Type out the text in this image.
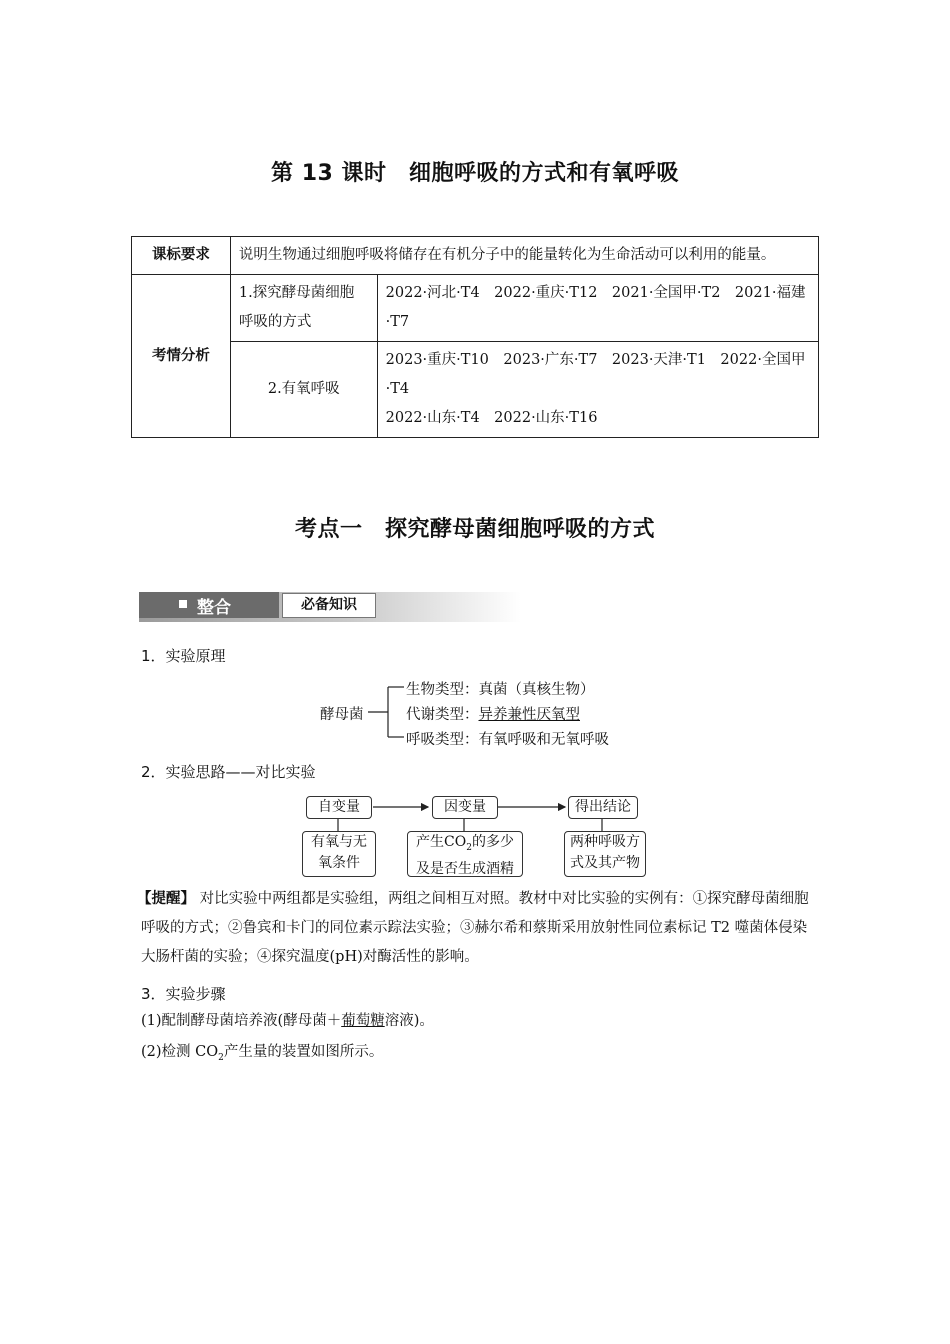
第 13 课时　细胞呼吸的方式和有氧呼吸
课标要求	说明生物通过细胞呼吸将储存在有机分子中的能量转化为生命活动可以利用的能量。	
考情分析	1.探究酵母菌细胞呼吸的方式	2022·河北·T4　2022·重庆·T12　2021·全国甲·T2　2021·福建·T7
	2.有氧呼吸	2023·重庆·T10　2023·广东·T7　2023·天津·T1　2022·全国甲·T4
2022·山东·T4　2022·山东·T16
考点一　探究酵母菌细胞呼吸的方式
整合	必备知识
1．实验原理
酵母菌
生物类型：真菌（真核生物）
代谢类型：异养兼性厌氧型
呼吸类型：有氧呼吸和无氧呼吸
2．实验思路——对比实验
自变量	因变量	得出结论
有氧与无
氧条件
产生$CO_2$的多少
及是否生成酒精
两种呼吸方
式及其产物
【提醒】 对比实验中两组都是实验组，两组之间相互对照。教材中对比实验的实例有：①探究酵母菌细胞呼吸的方式；②鲁宾和卡门的同位素示踪法实验；③赫尔希和蔡斯采用放射性同位素标记 T2 噬菌体侵染大肠杆菌的实验；④探究温度(pH)对酶活性的影响。
3．实验步骤
(1)配制酵母菌培养液(酵母菌＋葡萄糖溶液)。
(2)检测 $CO_2$产生量的装置如图所示。
